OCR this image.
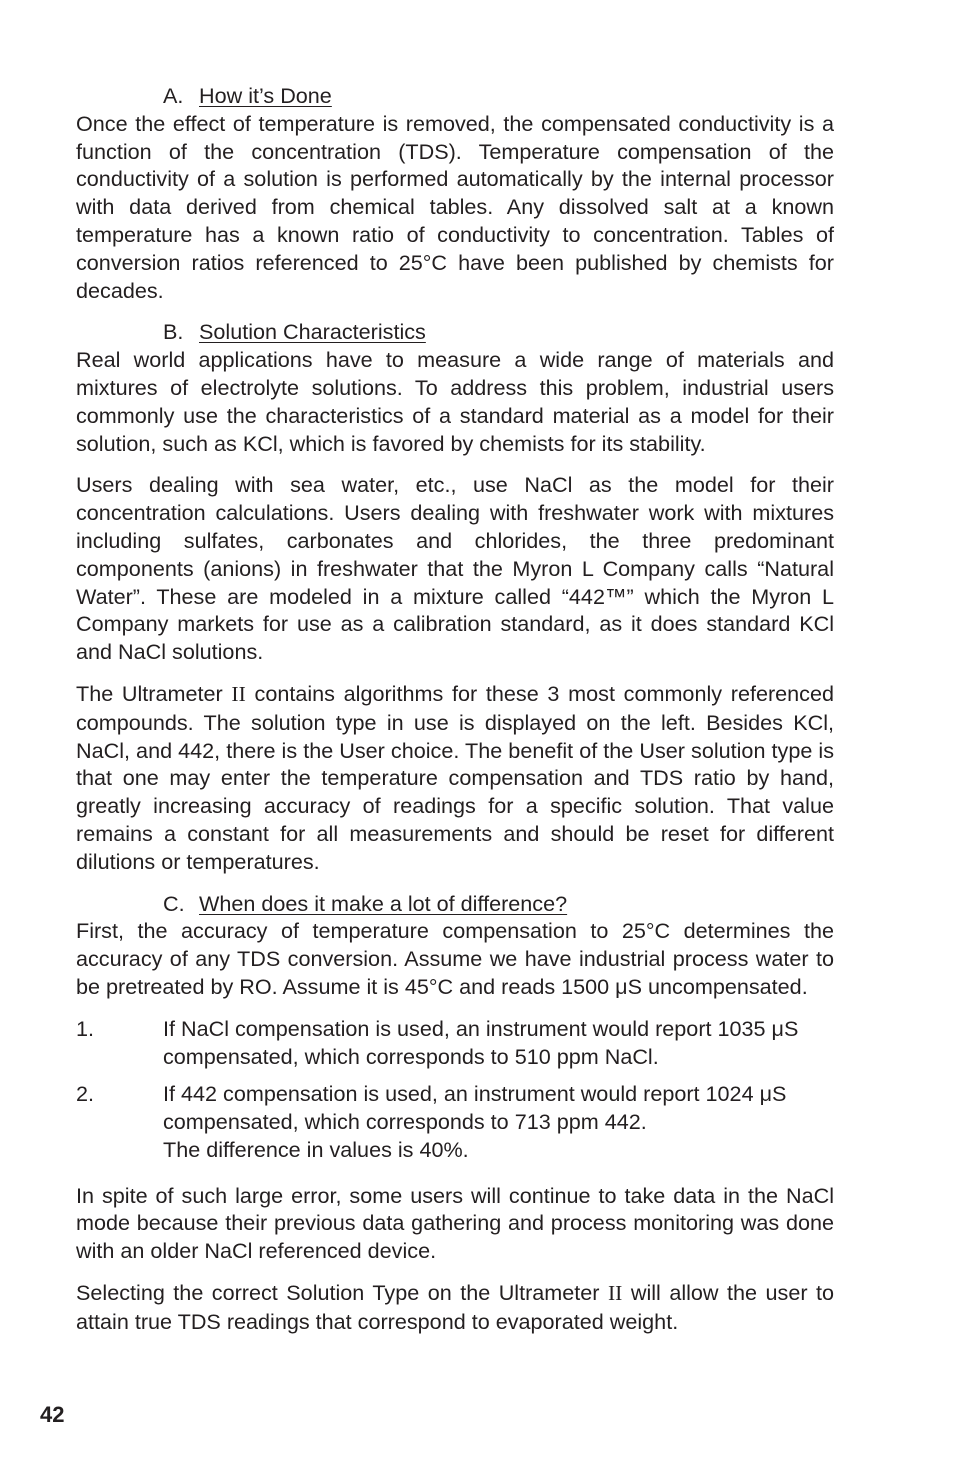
A. How it’s Done

Once the effect of temperature is removed, the compensated conductivity is a function of the concentration (TDS). Temperature compensation of the conductivity of a solution is performed automatically by the internal processor with data derived from chemical tables. Any dissolved salt at a known temperature has a known ratio of conductivity to concentration. Tables of conversion ratios referenced to 25°C have been published by chemists for decades.

B. Solution Characteristics

Real world applications have to measure a wide range of materials and mixtures of electrolyte solutions. To address this problem, industrial users commonly use the characteristics of a standard material as a model for their solution, such as KCl, which is favored by chemists for its stability.

Users dealing with sea water, etc., use NaCl as the model for their concentration calculations. Users dealing with freshwater work with mixtures including sulfates, carbonates and chlorides, the three predominant components (anions) in freshwater that the Myron L Company calls “Natural Water”. These are modeled in a mixture called “442™” which the Myron L Company markets for use as a calibration standard, as it does standard KCl and NaCl solutions.

The Ultrameter II contains algorithms for these 3 most commonly referenced compounds. The solution type in use is displayed on the left. Besides KCl, NaCl, and 442, there is the User choice. The benefit of the User solution type is that one may enter the temperature compensation and TDS ratio by hand, greatly increasing accuracy of readings for a specific solution. That value remains a constant for all measurements and should be reset for different dilutions or temperatures.

C. When does it make a lot of difference?

First, the accuracy of temperature compensation to 25°C determines the accuracy of any TDS conversion. Assume we have industrial process water to be pretreated by RO. Assume it is 45°C and reads 1500 μS uncompensated.

1.	If NaCl compensation is used, an instrument would report 1035 μS compensated, which corresponds to 510 ppm NaCl.
2.	If 442 compensation is used, an instrument would report 1024 μS compensated, which corresponds to 713 ppm 442.
The difference in values is 40%.

In spite of such large error, some users will continue to take data in the NaCl mode because their previous data gathering and process monitoring was done with an older NaCl referenced device.

Selecting the correct Solution Type on the Ultrameter II will allow the user to attain true TDS readings that correspond to evaporated weight.

42
